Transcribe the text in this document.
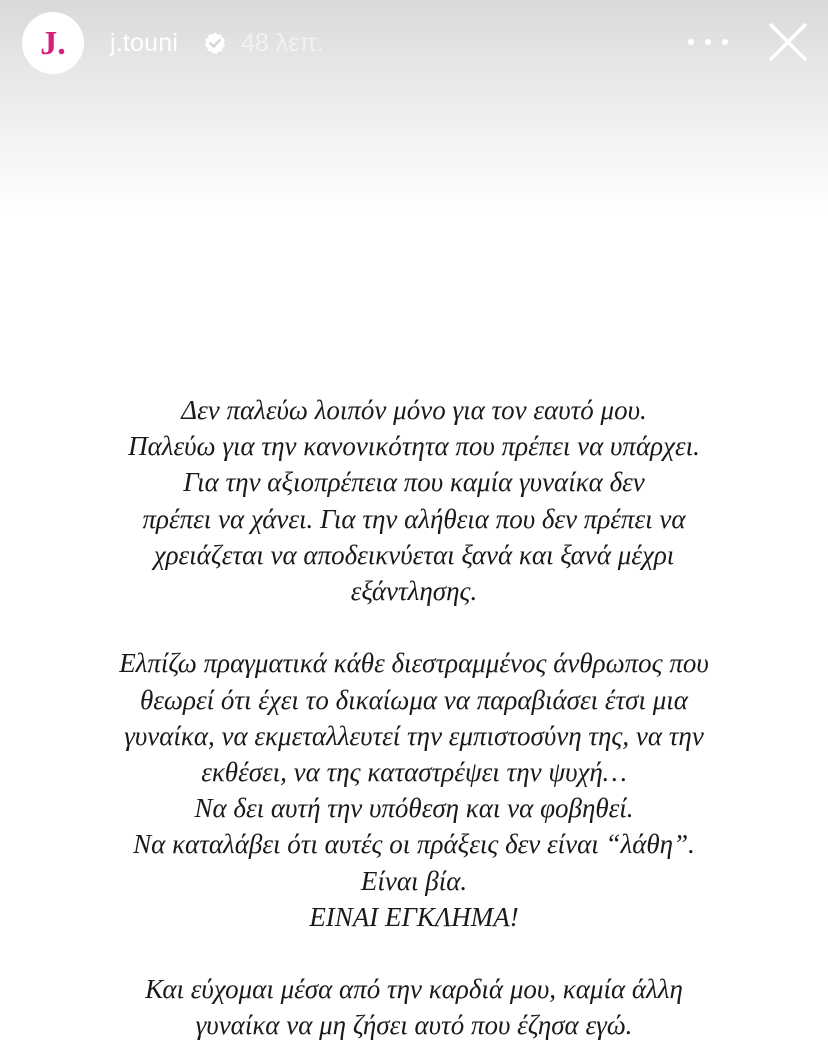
J. j.touni	48 λεπ.
Δεν παλεύω λοιπόν μόνο για τον εαυτό μου.
Παλεύω για την κανονικότητα που πρέπει να υπάρχει.
Για την αξιοπρέπεια που καμία γυναίκα δεν
πρέπει να χάνει. Για την αλήθεια που δεν πρέπει να
χρειάζεται να αποδεικνύεται ξανά και ξανά μέχρι
εξάντλησης.
Ελπίζω πραγματικά κάθε διεστραμμένος άνθρωπος που
θεωρεί ότι έχει το δικαίωμα να παραβιάσει έτσι μια
γυναίκα, να εκμεταλλευτεί την εμπιστοσύνη της, να την
εκθέσει, να της καταστρέψει την ψυχή…
Να δει αυτή την υπόθεση και να φοβηθεί.
Να καταλάβει ότι αυτές οι πράξεις δεν είναι “λάθη”.
Είναι βία.
ΕΙΝΑΙ ΕΓΚΛΗΜΑ!
Και εύχομαι μέσα από την καρδιά μου, καμία άλλη
γυναίκα να μη ζήσει αυτό που έζησα εγώ.
